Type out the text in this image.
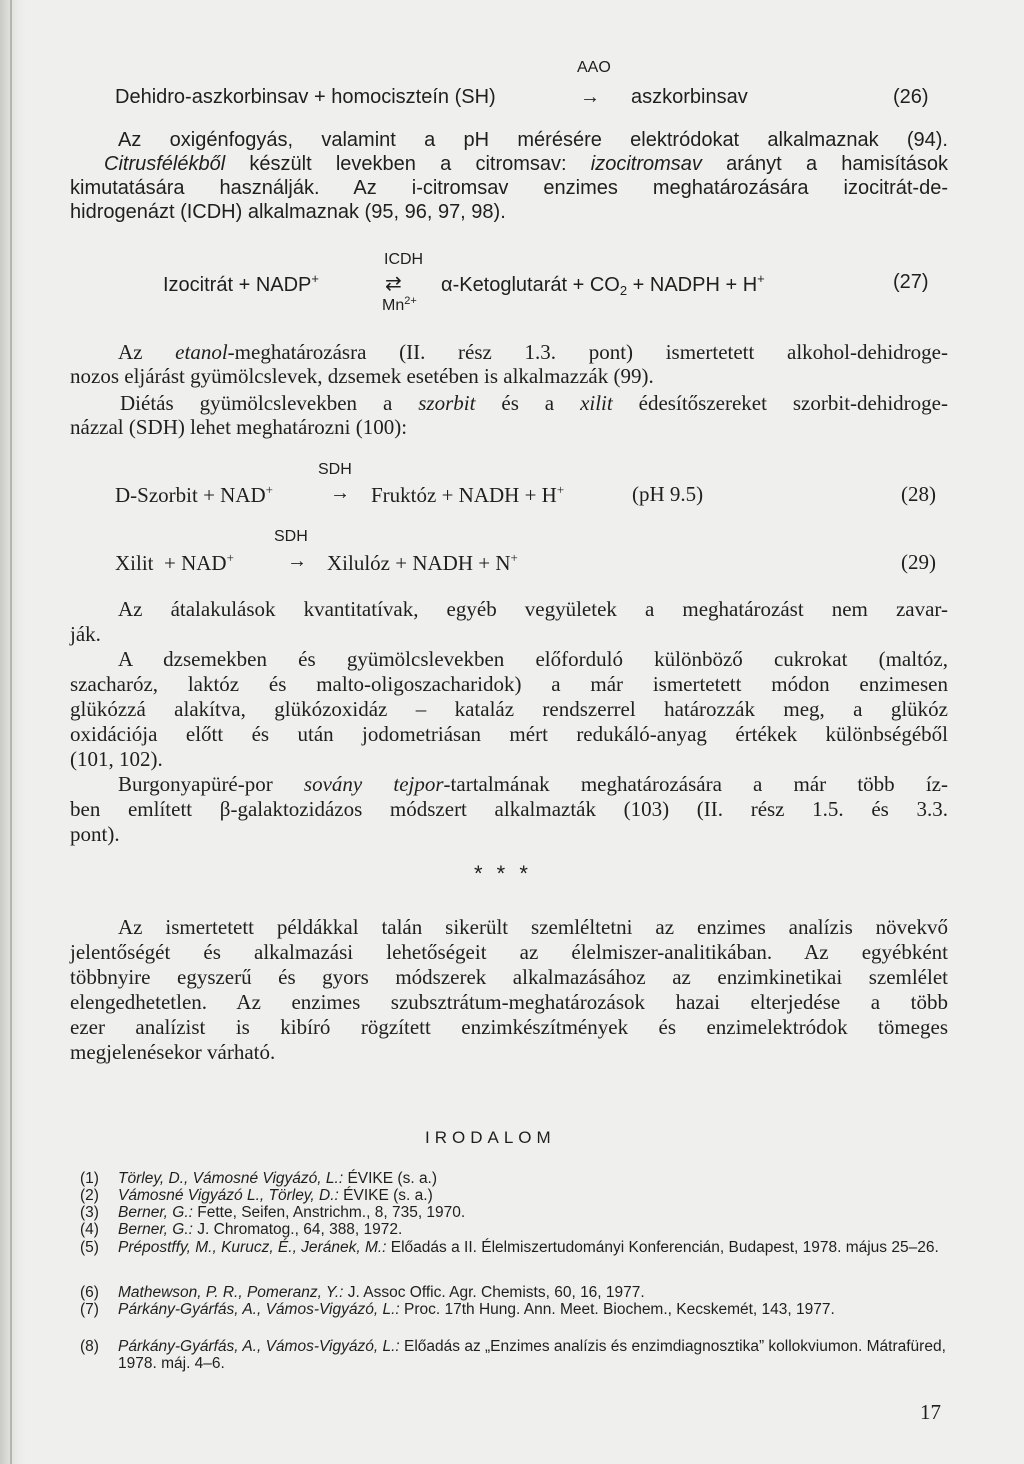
AAO
Dehidro-aszkorbinsav + homociszteín (SH)	→ aszkorbinsav	(26)
Az oxigénfogyás, valamint a pH mérésére elektródokat alkalmaznak (94).
Citrusfélékből készült levekben a citromsav: izocitromsav arányt a hamisítások
kimutatására használják. Az i-citromsav enzimes meghatározására izocitrát-de-
hidrogenázt (ICDH) alkalmaznak (95, 96, 97, 98).
ICDH
Izocitrát + NADP+	⇄
$Mn^{2+}$
α-Ketoglutarát + $CO_2$ + NADPH + H+	(27)
Az etanol-meghatározásra (II. rész 1.3. pont) ismertetett alkohol-dehidroge-
nozos eljárást gyümölcslevek, dzsemek esetében is alkalmazzák (99).
Diétás gyümölcslevekben a szorbit és a xilit édesítőszereket szorbit-dehidroge-
názzal (SDH) lehet meghatározni (100):
SDH
D-Szorbit + NAD+	→ Fruktóz + NADH + H+	(pH 9.5)	(28)
SDH
Xilit  + NAD+	→ Xilulóz + NADH + N+	(29)
Az átalakulások kvantitatívak, egyéb vegyületek a meghatározást nem zavar-
ják.
A dzsemekben és gyümölcslevekben előforduló különböző cukrokat (maltóz,
szacharóz, laktóz és malto-oligoszacharidok) a már ismertetett módon enzimesen
glükózzá alakítva, glükózoxidáz – kataláz rendszerrel határozzák meg, a glükóz
oxidációja előtt és után jodometriásan mért redukáló-anyag értékek különbségéből
(101, 102).
Burgonyapüré-por sovány tejpor-tartalmának meghatározására a már több íz-
ben említett β-galaktozidázos módszert alkalmazták (103) (II. rész 1.5. és 3.3.
pont).
* * *
Az ismertetett példákkal talán sikerült szemléltetni az enzimes analízis növekvő
jelentőségét és alkalmazási lehetőségeit az élelmiszer-analitikában. Az egyébként
többnyire egyszerű és gyors módszerek alkalmazásához az enzimkinetikai szemlélet
elengedhetetlen. Az enzimes szubsztrátum-meghatározások hazai elterjedése a több
ezer analízist is kibíró rögzített enzimkészítmények és enzimelektródok tömeges
megjelenésekor várható.
IRODALOM
(1) Törley, D., Vámosné Vigyázó, L.: ÉVIKE (s. a.)
(2) Vámosné Vigyázó L., Törley, D.: ÉVIKE (s. a.)
(3) Berner, G.: Fette, Seifen, Anstrichm., 8, 735, 1970.
(4) Berner, G.: J. Chromatog., 64, 388, 1972.
(5) Prépostffy, M., Kurucz, É., Jeránek, M.: Előadás a II. Élelmiszertudományi Konferencián, Budapest, 1978. május 25–26.
(6) Mathewson, P. R., Pomeranz, Y.: J. Assoc Offic. Agr. Chemists, 60, 16, 1977.
(7) Párkány-Gyárfás, A., Vámos-Vigyázó, L.: Proc. 17th Hung. Ann. Meet. Biochem., Kecskemét, 143, 1977.
(8) Párkány-Gyárfás, A., Vámos-Vigyázó, L.: Előadás az „Enzimes analízis és enzimdiagnosztika” kollokviumon. Mátrafüred, 1978. máj. 4–6.
17
